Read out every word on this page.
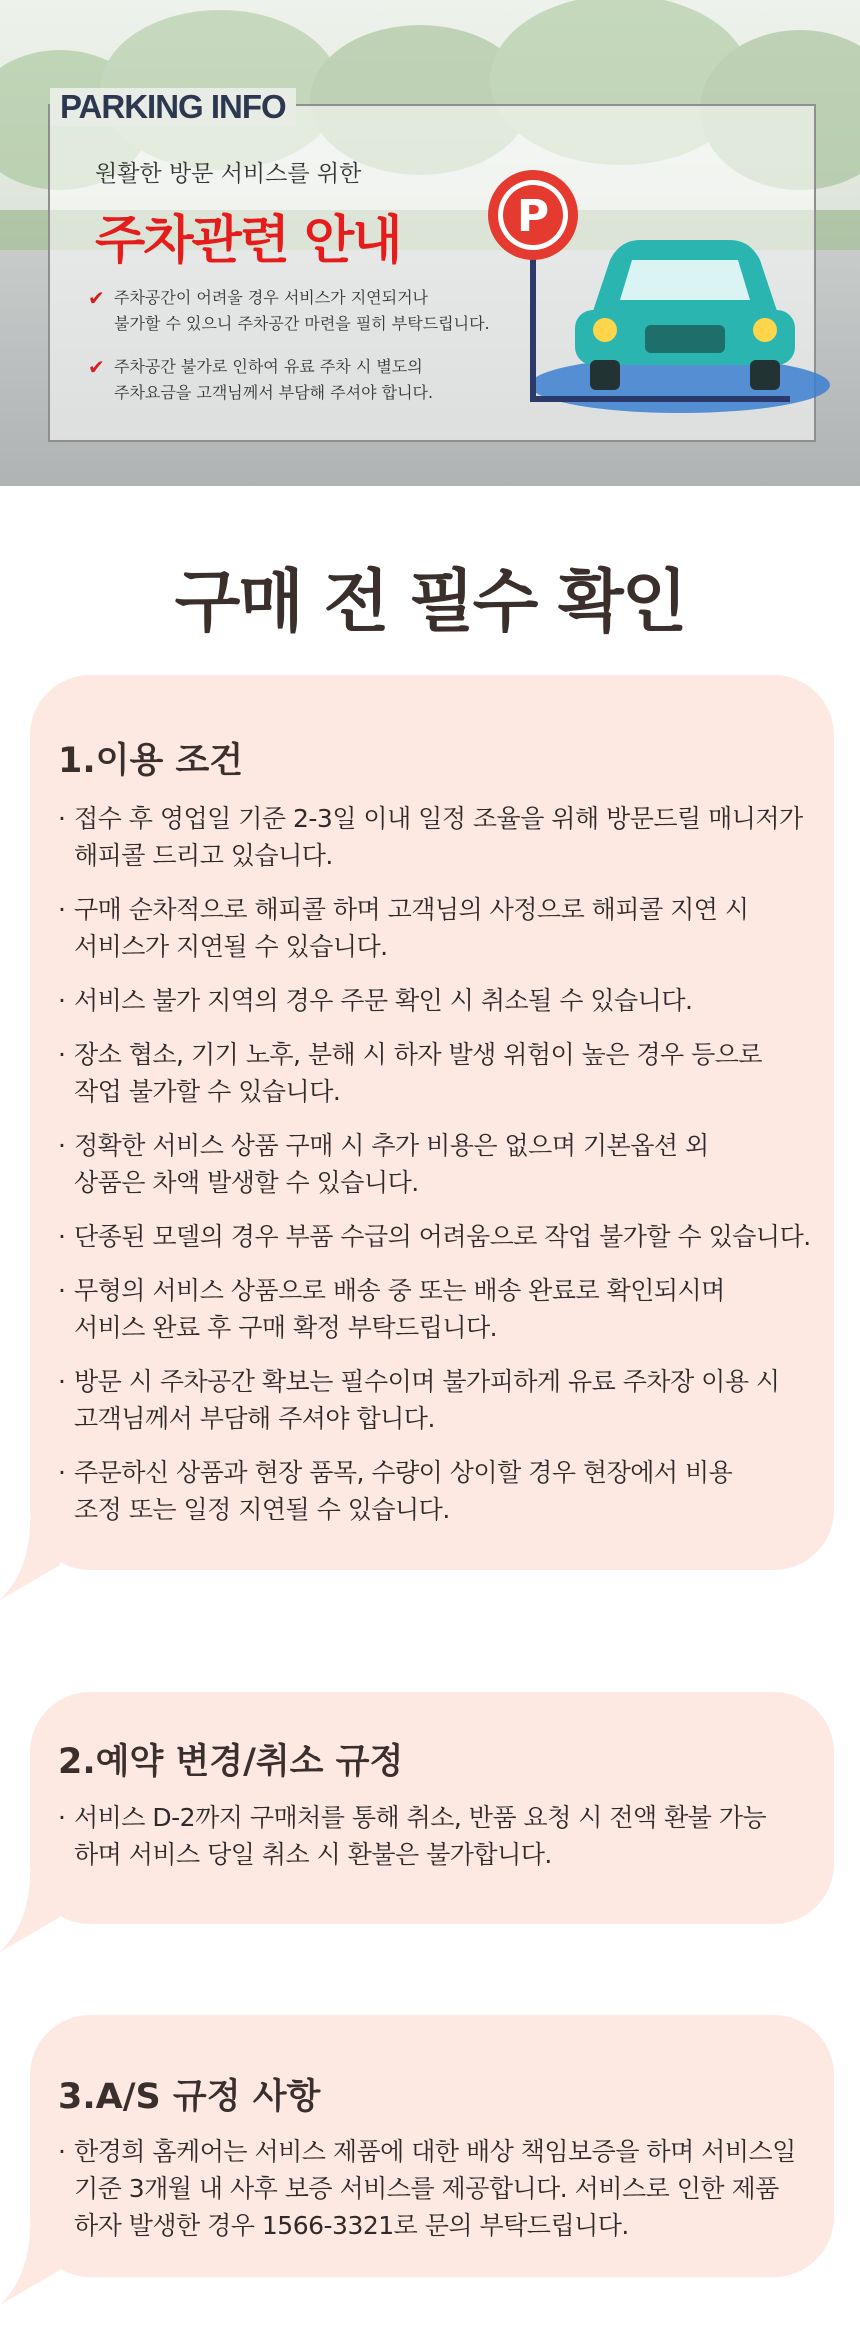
PARKING INFO
원활한 방문 서비스를 위한
주차관련 안내
✔ 주차공간이 어려울 경우 서비스가 지연되거나
불가할 수 있으니 주차공간 마련을 필히 부탁드립니다.
✔ 주차공간 불가로 인하여 유료 주차 시 별도의
주차요금을 고객님께서 부담해 주셔야 합니다.
P
구매 전 필수 확인
1.이용 조건
· 접수 후 영업일 기준 2-3일 이내 일정 조율을 위해 방문드릴 매니저가
해피콜 드리고 있습니다.
· 구매 순차적으로 해피콜 하며 고객님의 사정으로 해피콜 지연 시
서비스가 지연될 수 있습니다.
· 서비스 불가 지역의 경우 주문 확인 시 취소될 수 있습니다.
· 장소 협소, 기기 노후, 분해 시 하자 발생 위험이 높은 경우 등으로
작업 불가할 수 있습니다.
· 정확한 서비스 상품 구매 시 추가 비용은 없으며 기본옵션 외
상품은 차액 발생할 수 있습니다.
· 단종된 모델의 경우 부품 수급의 어려움으로 작업 불가할 수 있습니다.
· 무형의 서비스 상품으로 배송 중 또는 배송 완료로 확인되시며
서비스 완료 후 구매 확정 부탁드립니다.
· 방문 시 주차공간 확보는 필수이며 불가피하게 유료 주차장 이용 시
고객님께서 부담해 주셔야 합니다.
· 주문하신 상품과 현장 품목, 수량이 상이할 경우 현장에서 비용
조정 또는 일정 지연될 수 있습니다.
2.예약 변경/취소 규정
· 서비스 D-2까지 구매처를 통해 취소, 반품 요청 시 전액 환불 가능
하며 서비스 당일 취소 시 환불은 불가합니다.
3.A/S 규정 사항
· 한경희 홈케어는 서비스 제품에 대한 배상 책임보증을 하며 서비스일
기준 3개월 내 사후 보증 서비스를 제공합니다. 서비스로 인한 제품
하자 발생한 경우 1566-3321로 문의 부탁드립니다.
